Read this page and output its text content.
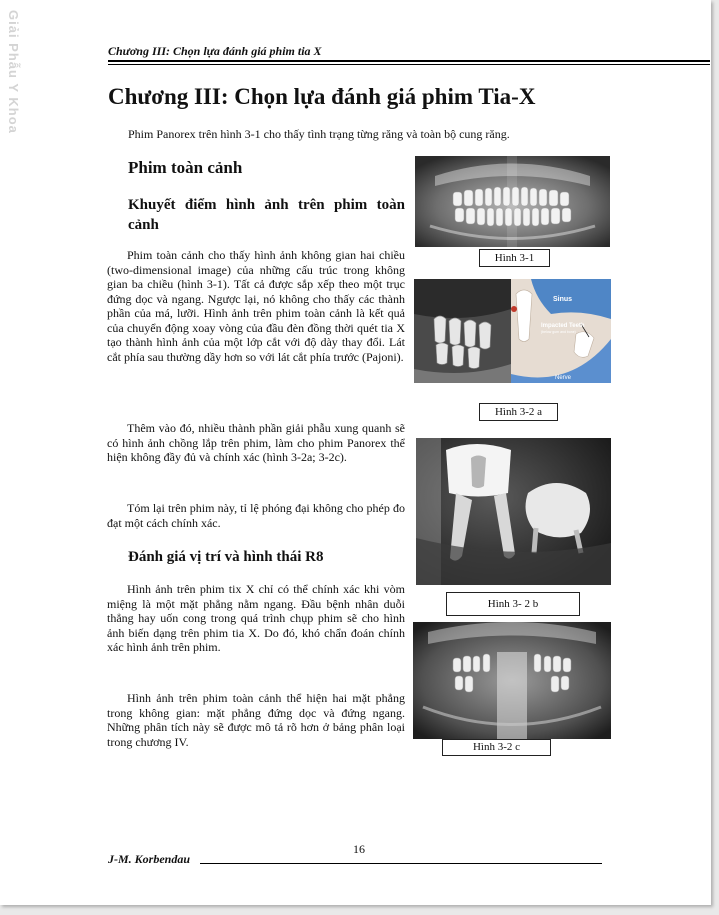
Giải Phẫu Y Khoa	Chương III: Chọn lựa đánh giá phim tia X
Chương III: Chọn lựa đánh giá phim Tia-X
Phim Panorex trên hình 3-1 cho thấy tình trạng từng răng và toàn bộ cung răng.
Phim toàn cảnh
Khuyết điểm hình ảnh trên phim toàn cảnh
Phim toàn cảnh cho thấy hình ảnh không gian hai chiều (two-dimensional image) của những cấu trúc trong không gian ba chiều (hình 3-1). Tất cả được sắp xếp theo một trục đứng dọc và ngang. Ngược lại, nó không cho thấy các thành phần của má, lưỡi. Hình ảnh trên phim toàn cảnh là kết quả của chuyển động xoay vòng của đầu đèn đồng thời quét tia X tạo thành hình ảnh của một lớp cắt với độ dày thay đổi. Lát cắt phía sau thường dầy hơn so với lát cắt phía trước (Pajoni).
Thêm vào đó, nhiều thành phần giải phẫu xung quanh sẽ có hình ảnh chồng lắp trên phim, làm cho phim Panorex thể hiện không đầy đủ và chính xác (hình 3-2a; 3-2c).
Tóm lại trên phim này, tỉ lệ phóng đại không cho phép đo đạt một cách chính xác.
Đánh giá vị trí và hình thái R8
Hình ảnh trên phim tix X chỉ có thể chính xác khi vòm miệng là một mặt phẳng nằm ngang. Đầu bệnh nhân duỗi thẳng hay uốn cong trong quá trình chụp phim sẽ cho hình ảnh biến dạng trên phim tia X. Do đó, khó chẩn đoán chính xác hình ảnh trên phim.
Hình ảnh trên phim toàn cảnh thể hiện hai mặt phẳng trong không gian: mặt phẳng đứng dọc và đứng ngang. Những phân tích này sẽ được mô tả rõ hơn ở bảng phân loại trong chương IV.
Hình 3-1
Sinus
Impacted Teeth
(below gum and bone)
Nerve
Hình 3-2 a
Hình 3- 2 b
Hình 3-2 c
16
J-M. Korbendau
